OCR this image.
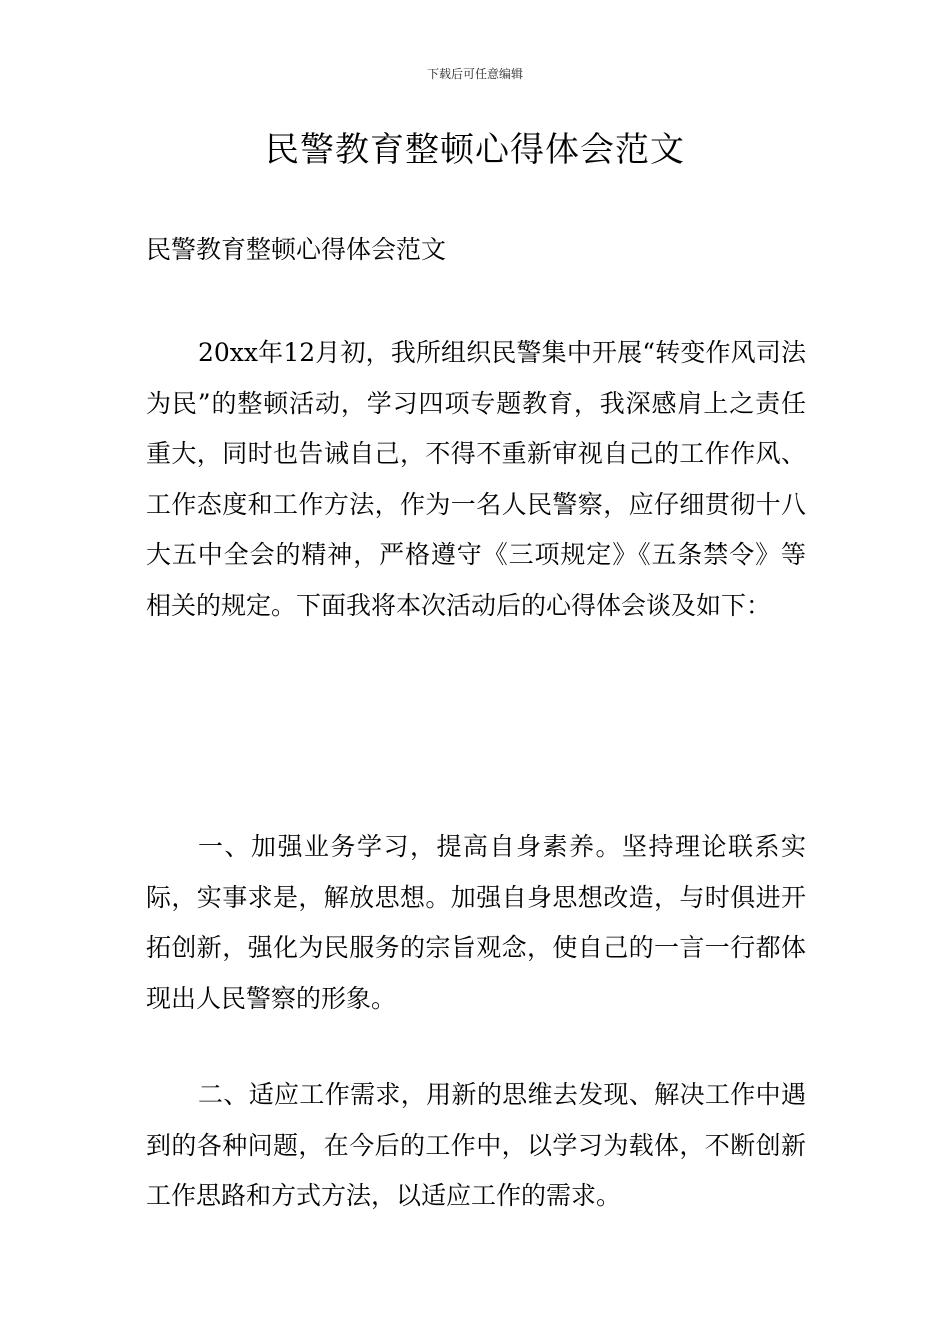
下载后可任意编辑
民警教育整顿心得体会范文

民警教育整顿心得体会范文

20xx年12月初，我所组织民警集中开展“转变作风司法为民”的整顿活动，学习四项专题教育，我深感肩上之责任重大，同时也告诫自己，不得不重新审视自己的工作作风、工作态度和工作方法，作为一名人民警察，应仔细贯彻十八大五中全会的精神，严格遵守《三项规定》《五条禁令》等相关的规定。下面我将本次活动后的心得体会谈及如下：

一、加强业务学习，提高自身素养。坚持理论联系实际，实事求是，解放思想。加强自身思想改造，与时俱进开拓创新，强化为民服务的宗旨观念，使自己的一言一行都体现出人民警察的形象。

二、适应工作需求，用新的思维去发现、解决工作中遇到的各种问题，在今后的工作中，以学习为载体，不断创新工作思路和方式方法，以适应工作的需求。
